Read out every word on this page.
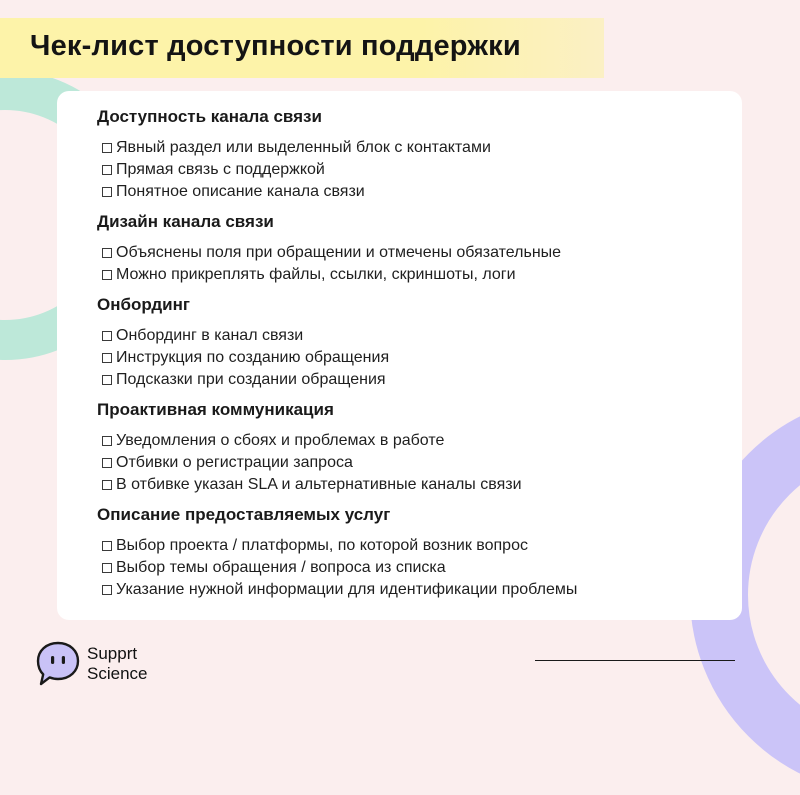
Чек-лист доступности поддержки
Доступность канала связи
Явный раздел или выделенный блок с контактами
Прямая связь с поддержкой
Понятное описание канала связи
Дизайн канала связи
Объяснены поля при обращении и отмечены обязательные
Можно прикреплять файлы, ссылки, скриншоты, логи
Онбординг
Онбординг в канал связи
Инструкция по созданию обращения
Подсказки при создании обращения
Проактивная коммуникация
Уведомления о сбоях и проблемах в работе
Отбивки о регистрации запроса
В отбивке указан SLA и альтернативные каналы связи
Описание предоставляемых услуг
Выбор проекта / платформы, по которой возник вопрос
Выбор темы обращения / вопроса из списка
Указание нужной информации для идентификации проблемы
Supprt
Science
